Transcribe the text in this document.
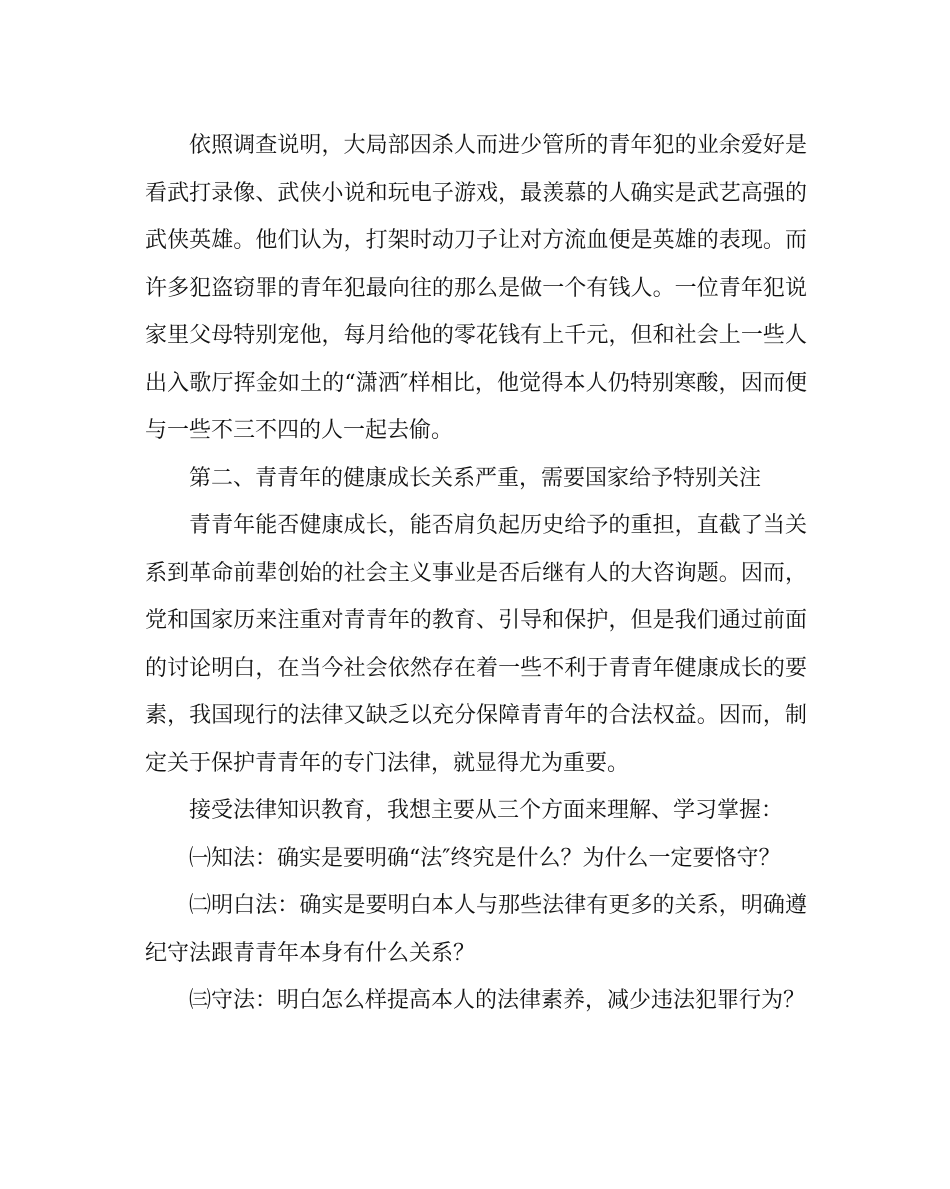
依照调查说明，大局部因杀人而进少管所的青年犯的业余爱好是看武打录像、武侠小说和玩电子游戏，最羡慕的人确实是武艺高强的武侠英雄。他们认为，打架时动刀子让对方流血便是英雄的表现。而许多犯盗窃罪的青年犯最向往的那么是做一个有钱人。一位青年犯说家里父母特别宠他，每月给他的零花钱有上千元，但和社会上一些人出入歌厅挥金如土的“潇洒″样相比，他觉得本人仍特别寒酸，因而便与一些不三不四的人一起去偷。

第二、青青年的健康成长关系严重，需要国家给予特别关注

青青年能否健康成长，能否肩负起历史给予的重担，直截了当关系到革命前辈创始的社会主义事业是否后继有人的大咨询题。因而，党和国家历来注重对青青年的教育、引导和保护，但是我们通过前面的讨论明白，在当今社会依然存在着一些不利于青青年健康成长的要素，我国现行的法律又缺乏以充分保障青青年的合法权益。因而，制定关于保护青青年的专门法律，就显得尤为重要。

接受法律知识教育，我想主要从三个方面来理解、学习掌握：

㈠知法：确实是要明确“法″终究是什么？为什么一定要恪守？

㈡明白法：确实是要明白本人与那些法律有更多的关系，明确遵纪守法跟青青年本身有什么关系？

㈢守法：明白怎么样提高本人的法律素养，减少违法犯罪行为？
